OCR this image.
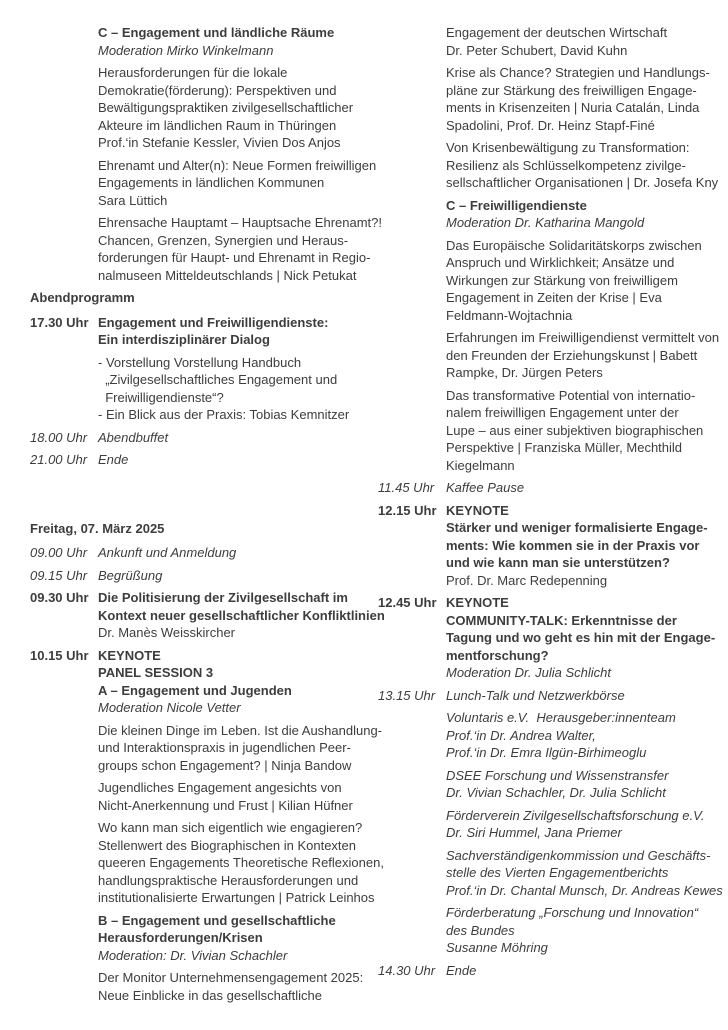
C – Engagement und ländliche Räume
Moderation Mirko Winkelmann
Herausforderungen für die lokale
Demokratie(förderung): Perspektiven und
Bewältigungspraktiken zivilgesellschaftlicher
Akteure im ländlichen Raum in Thüringen
Prof.‘in Stefanie Kessler, Vivien Dos Anjos
Ehrenamt und Alter(n): Neue Formen freiwilligen
Engagements in ländlichen Kommunen
Sara Lüttich
Ehrensache Hauptamt – Hauptsache Ehrenamt?!
Chancen, Grenzen, Synergien und Heraus-
forderungen für Haupt- und Ehrenamt in Regio-
nalmuseen Mitteldeutschlands | Nick Petukat
Abendprogramm
17.30 Uhr Engagement und Freiwilligendienste:
Ein interdisziplinärer Dialog
- Vorstellung Vorstellung Handbuch
„Zivilgesellschaftliches Engagement und
Freiwilligendienste“?
- Ein Blick aus der Praxis: Tobias Kemnitzer
18.00 Uhr Abendbuffet
21.00 Uhr Ende
Freitag, 07. März 2025
09.00 Uhr Ankunft und Anmeldung
09.15 Uhr Begrüßung
09.30 Uhr Die Politisierung der Zivilgesellschaft im
Kontext neuer gesellschaftlicher Konfliktlinien
Dr. Manès Weisskircher
10.15 Uhr KEYNOTE
PANEL SESSION 3
A – Engagement und Jugenden
Moderation Nicole Vetter
Die kleinen Dinge im Leben. Ist die Aushandlung-
und Interaktionspraxis in jugendlichen Peer-
groups schon Engagement? | Ninja Bandow
Jugendliches Engagement angesichts von
Nicht-Anerkennung und Frust | Kilian Hüfner
Wo kann man sich eigentlich wie engagieren?
Stellenwert des Biographischen in Kontexten
queeren Engagements Theoretische Reflexionen,
handlungspraktische Herausforderungen und
institutionalisierte Erwartungen | Patrick Leinhos
B – Engagement und gesellschaftliche
Herausforderungen/Krisen
Moderation: Dr. Vivian Schachler
Der Monitor Unternehmensengagement 2025:
Neue Einblicke in das gesellschaftliche
Engagement der deutschen Wirtschaft
Dr. Peter Schubert, David Kuhn
Krise als Chance? Strategien und Handlungs-
pläne zur Stärkung des freiwilligen Engage-
ments in Krisenzeiten | Nuria Catalán, Linda
Spadolini, Prof. Dr. Heinz Stapf-Finé
Von Krisenbewältigung zu Transformation:
Resilienz als Schlüsselkompetenz zivilge-
sellschaftlicher Organisationen | Dr. Josefa Kny
C – Freiwilligendienste
Moderation Dr. Katharina Mangold
Das Europäische Solidaritätskorps zwischen
Anspruch und Wirklichkeit; Ansätze und
Wirkungen zur Stärkung von freiwilligem
Engagement in Zeiten der Krise | Eva
Feldmann-Wojtachnia
Erfahrungen im Freiwilligendienst vermittelt von
den Freunden der Erziehungskunst | Babett
Rampke, Dr. Jürgen Peters
Das transformative Potential von internatio-
nalem freiwilligen Engagement unter der
Lupe – aus einer subjektiven biographischen
Perspektive | Franziska Müller, Mechthild
Kiegelmann
11.45 Uhr Kaffee Pause
12.15 Uhr KEYNOTE
Stärker und weniger formalisierte Engage-
ments: Wie kommen sie in der Praxis vor
und wie kann man sie unterstützen?
Prof. Dr. Marc Redepenning
12.45 Uhr KEYNOTE
COMMUNITY-TALK: Erkenntnisse der
Tagung und wo geht es hin mit der Engage-
mentforschung?
Moderation Dr. Julia Schlicht
13.15 Uhr Lunch-Talk und Netzwerkbörse
Voluntaris e.V.  Herausgeber:innenteam
Prof.‘in Dr. Andrea Walter,
Prof.‘in Dr. Emra Ilgün-Birhimeoglu
DSEE Forschung und Wissenstransfer
Dr. Vivian Schachler, Dr. Julia Schlicht
Förderverein Zivilgesellschaftsforschung e.V.
Dr. Siri Hummel, Jana Priemer
Sachverständigenkommission und Geschäfts-
stelle des Vierten Engagementberichts
Prof.‘in Dr. Chantal Munsch, Dr. Andreas Kewes
Förderberatung „Forschung und Innovation“
des Bundes
Susanne Möhring
14.30 Uhr Ende
